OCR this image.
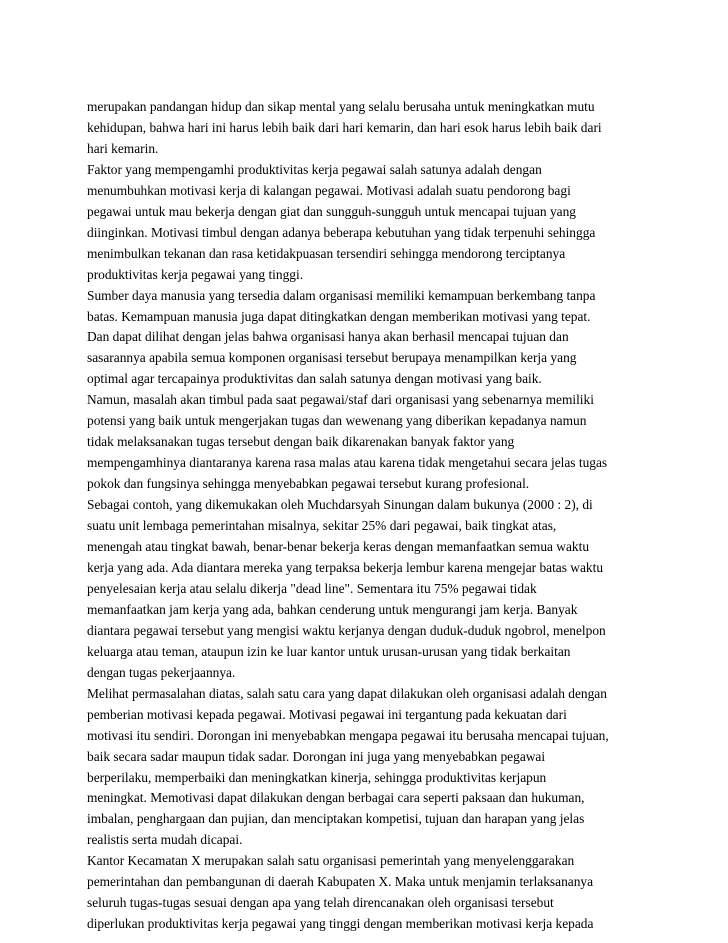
merupakan pandangan hidup dan sikap mental yang selalu berusaha untuk meningkatkan mutu
kehidupan, bahwa hari ini harus lebih baik dari hari kemarin, dan hari esok harus lebih baik dari
hari kemarin.
Faktor yang mempengamhi produktivitas kerja pegawai salah satunya adalah dengan
menumbuhkan motivasi kerja di kalangan pegawai. Motivasi adalah suatu pendorong bagi
pegawai untuk mau bekerja dengan giat dan sungguh-sungguh untuk mencapai tujuan yang
diinginkan. Motivasi timbul dengan adanya beberapa kebutuhan yang tidak terpenuhi sehingga
menimbulkan tekanan dan rasa ketidakpuasan tersendiri sehingga mendorong terciptanya
produktivitas kerja pegawai yang tinggi.
Sumber daya manusia yang tersedia dalam organisasi memiliki kemampuan berkembang tanpa
batas. Kemampuan manusia juga dapat ditingkatkan dengan memberikan motivasi yang tepat.
Dan dapat dilihat dengan jelas bahwa organisasi hanya akan berhasil mencapai tujuan dan
sasarannya apabila semua komponen organisasi tersebut berupaya menampilkan kerja yang
optimal agar tercapainya produktivitas dan salah satunya dengan motivasi yang baik.
Namun, masalah akan timbul pada saat pegawai/staf dari organisasi yang sebenarnya memiliki
potensi yang baik untuk mengerjakan tugas dan wewenang yang diberikan kepadanya namun
tidak melaksanakan tugas tersebut dengan baik dikarenakan banyak faktor yang
mempengamhinya diantaranya karena rasa malas atau karena tidak mengetahui secara jelas tugas
pokok dan fungsinya sehingga menyebabkan pegawai tersebut kurang profesional.
Sebagai contoh, yang dikemukakan oleh Muchdarsyah Sinungan dalam bukunya (2000 : 2), di
suatu unit lembaga pemerintahan misalnya, sekitar 25% dari pegawai, baik tingkat atas,
menengah atau tingkat bawah, benar-benar bekerja keras dengan memanfaatkan semua waktu
kerja yang ada. Ada diantara mereka yang terpaksa bekerja lembur karena mengejar batas waktu
penyelesaian kerja atau selalu dikerja "dead line". Sementara itu 75% pegawai tidak
memanfaatkan jam kerja yang ada, bahkan cenderung untuk mengurangi jam kerja. Banyak
diantara pegawai tersebut yang mengisi waktu kerjanya dengan duduk-duduk ngobrol, menelpon
keluarga atau teman, ataupun izin ke luar kantor untuk urusan-urusan yang tidak berkaitan
dengan tugas pekerjaannya.
Melihat permasalahan diatas, salah satu cara yang dapat dilakukan oleh organisasi adalah dengan
pemberian motivasi kepada pegawai. Motivasi pegawai ini tergantung pada kekuatan dari
motivasi itu sendiri. Dorongan ini menyebabkan mengapa pegawai itu berusaha mencapai tujuan,
baik secara sadar maupun tidak sadar. Dorongan ini juga yang menyebabkan pegawai
berperilaku, memperbaiki dan meningkatkan kinerja, sehingga produktivitas kerjapun
meningkat. Memotivasi dapat dilakukan dengan berbagai cara seperti paksaan dan hukuman,
imbalan, penghargaan dan pujian, dan menciptakan kompetisi, tujuan dan harapan yang jelas
realistis serta mudah dicapai.
Kantor Kecamatan X merupakan salah satu organisasi pemerintah yang menyelenggarakan
pemerintahan dan pembangunan di daerah Kabupaten X. Maka untuk menjamin terlaksananya
seluruh tugas-tugas sesuai dengan apa yang telah direncanakan oleh organisasi tersebut
diperlukan produktivitas kerja pegawai yang tinggi dengan memberikan motivasi kerja kepada
